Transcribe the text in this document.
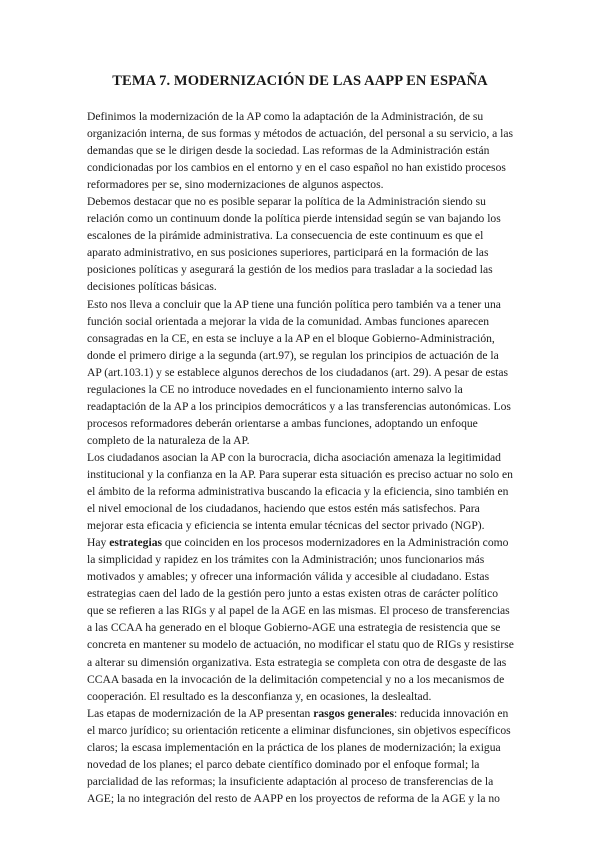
TEMA 7. MODERNIZACIÓN DE LAS AAPP EN ESPAÑA

Definimos la modernización de la AP como la adaptación de la Administración, de su organización interna, de sus formas y métodos de actuación, del personal a su servicio, a las demandas que se le dirigen desde la sociedad. Las reformas de la Administración están condicionadas por los cambios en el entorno y en el caso español no han existido procesos reformadores per se, sino modernizaciones de algunos aspectos.

Debemos destacar que no es posible separar la política de la Administración siendo su relación como un continuum donde la política pierde intensidad según se van bajando los escalones de la pirámide administrativa. La consecuencia de este continuum es que el aparato administrativo, en sus posiciones superiores, participará en la formación de las posiciones políticas y asegurará la gestión de los medios para trasladar a la sociedad las decisiones políticas básicas.

Esto nos lleva a concluir que la AP tiene una función política pero también va a tener una función social orientada a mejorar la vida de la comunidad. Ambas funciones aparecen consagradas en la CE, en esta se incluye a la AP en el bloque Gobierno-Administración, donde el primero dirige a la segunda (art.97), se regulan los principios de actuación de la AP (art.103.1) y se establece algunos derechos de los ciudadanos (art. 29). A pesar de estas regulaciones la CE no introduce novedades en el funcionamiento interno salvo la readaptación de la AP a los principios democráticos y a las transferencias autonómicas. Los procesos reformadores deberán orientarse a ambas funciones, adoptando un enfoque completo de la naturaleza de la AP.

Los ciudadanos asocian la AP con la burocracia, dicha asociación amenaza la legitimidad institucional y la confianza en la AP. Para superar esta situación es preciso actuar no solo en el ámbito de la reforma administrativa buscando la eficacia y la eficiencia, sino también en el nivel emocional de los ciudadanos, haciendo que estos estén más satisfechos. Para mejorar esta eficacia y eficiencia se intenta emular técnicas del sector privado (NGP).

Hay estrategias que coinciden en los procesos modernizadores en la Administración como la simplicidad y rapidez en los trámites con la Administración; unos funcionarios más motivados y amables; y ofrecer una información válida y accesible al ciudadano. Estas estrategias caen del lado de la gestión pero junto a estas existen otras de carácter político que se refieren a las RIGs y al papel de la AGE en las mismas. El proceso de transferencias a las CCAA ha generado en el bloque Gobierno-AGE una estrategia de resistencia que se concreta en mantener su modelo de actuación, no modificar el statu quo de RIGs y resistirse a alterar su dimensión organizativa. Esta estrategia se completa con otra de desgaste de las CCAA basada en la invocación de la delimitación competencial y no a los mecanismos de cooperación. El resultado es la desconfianza y, en ocasiones, la deslealtad.

Las etapas de modernización de la AP presentan rasgos generales: reducida innovación en el marco jurídico; su orientación reticente a eliminar disfunciones, sin objetivos específicos claros; la escasa implementación en la práctica de los planes de modernización; la exigua novedad de los planes; el parco debate científico dominado por el enfoque formal; la parcialidad de las reformas; la insuficiente adaptación al proceso de transferencias de la AGE; la no integración del resto de AAPP en los proyectos de reforma de la AGE y la no
